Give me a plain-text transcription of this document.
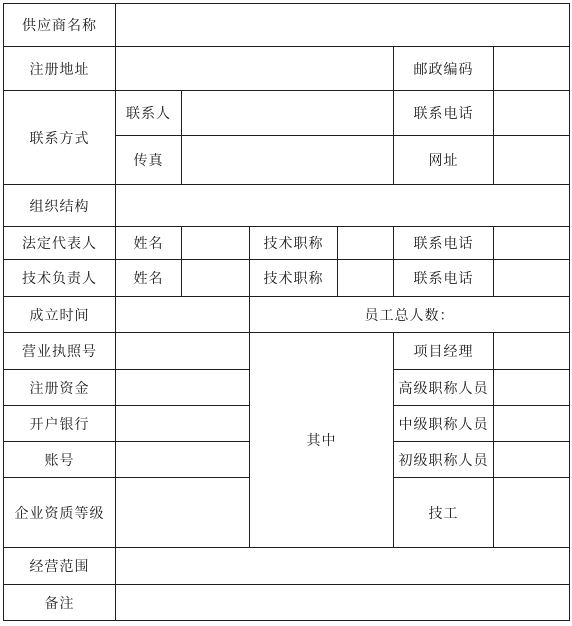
供应商名称						
注册地址					邮政编码	
联系方式	联系人				联系电话	
	传真				网址	
组织结构						
法定代表人	姓名		技术职称		联系电话	
技术负责人	姓名		技术职称		联系电话	
成立时间			员工总人数：			
营业执照号			其中		项目经理	
注册资金					高级职称人员	
开户银行					中级职称人员	
账号					初级职称人员	
企业资质等级					技工	
经营范围						
备注						
